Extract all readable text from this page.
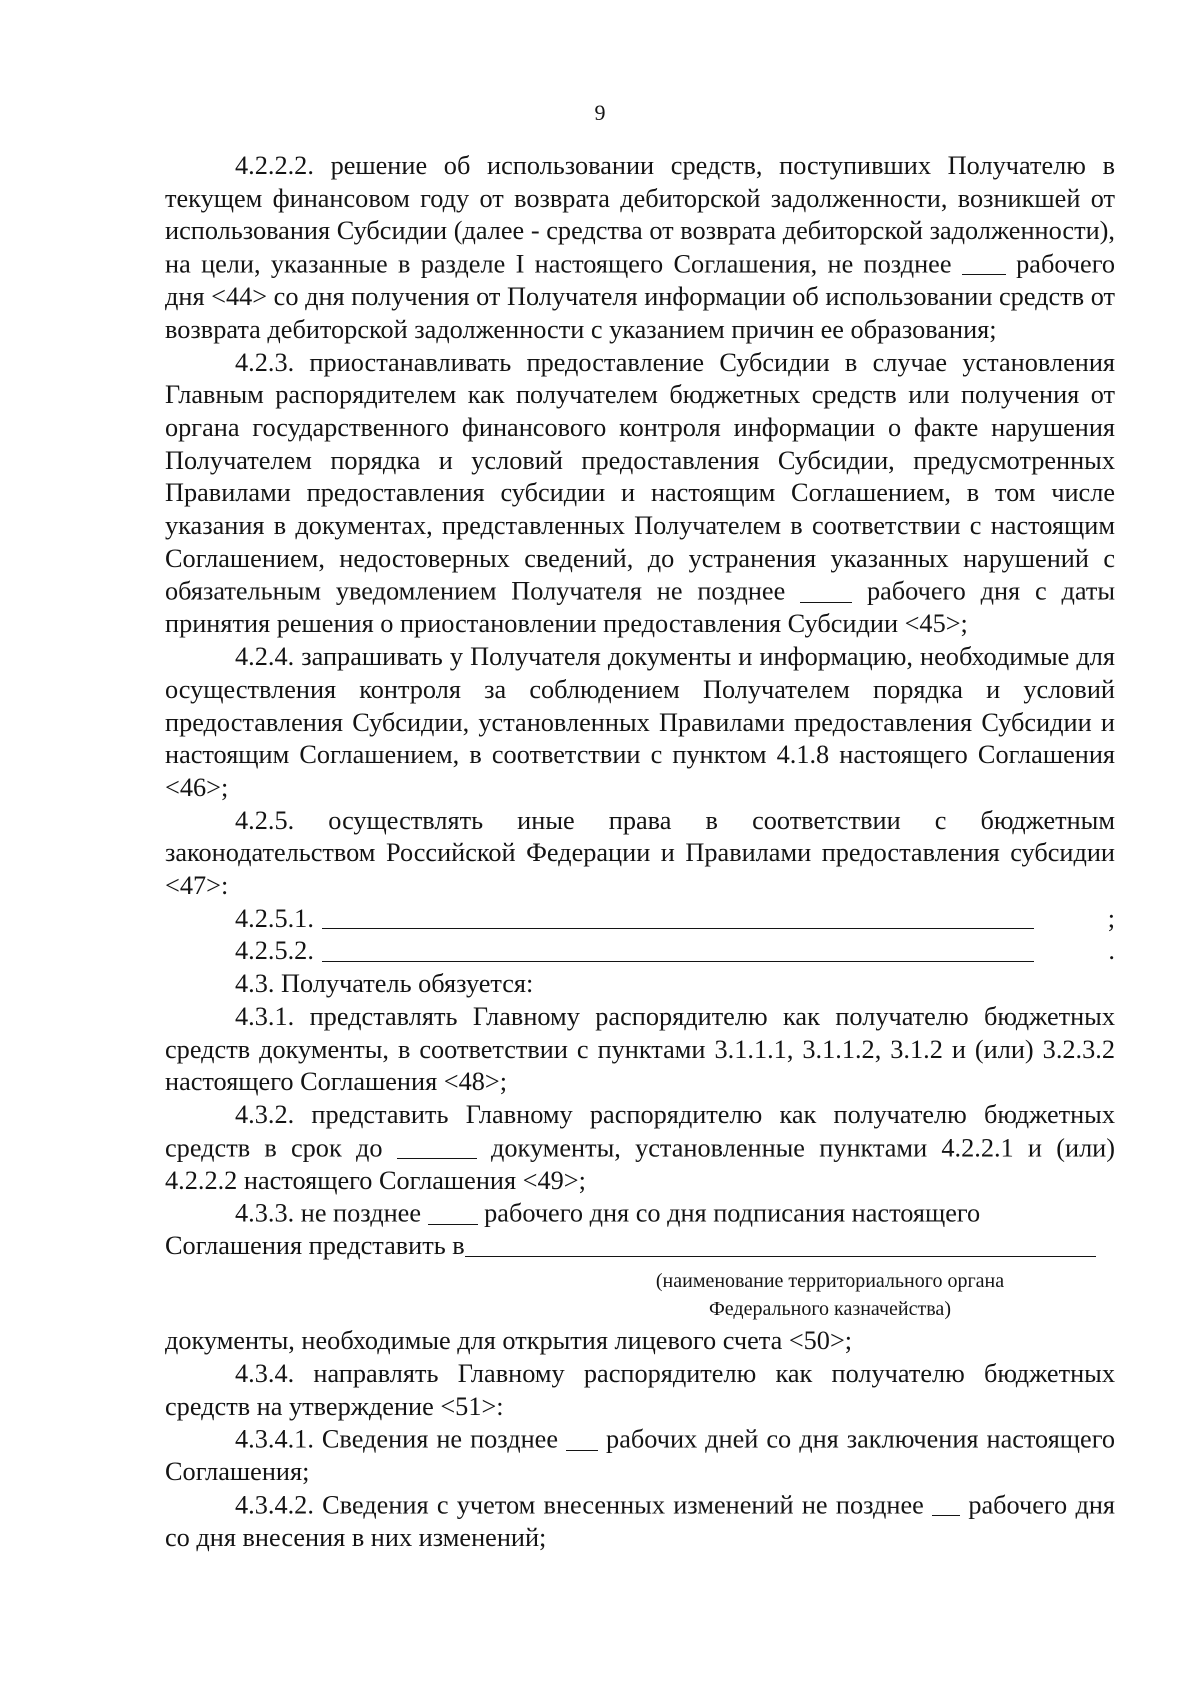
9

4.2.2.2. решение об использовании средств, поступивших Получателю в текущем финансовом году от возврата дебиторской задолженности, возникшей от использования Субсидии (далее - средства от возврата дебиторской задолженности), на цели, указанные в разделе I настоящего Соглашения, не позднее рабочего дня <44> со дня получения от Получателя информации об использовании средств от возврата дебиторской задолженности с указанием причин ее образования;

4.2.3. приостанавливать предоставление Субсидии в случае установления Главным распорядителем как получателем бюджетных средств или получения от органа государственного финансового контроля информации о факте нарушения Получателем порядка и условий предоставления Субсидии, предусмотренных Правилами предоставления субсидии и настоящим Соглашением, в том числе указания в документах, представленных Получателем в соответствии с настоящим Соглашением, недостоверных сведений, до устранения указанных нарушений с обязательным уведомлением Получателя не позднее	рабочего дня с даты принятия решения о приостановлении предоставления Субсидии <45>;

4.2.4. запрашивать у Получателя документы и информацию, необходимые для осуществления контроля за соблюдением Получателем порядка и условий предоставления Субсидии, установленных Правилами предоставления Субсидии и настоящим Соглашением, в соответствии с пунктом 4.1.8 настоящего Соглашения <46>;

4.2.5. осуществлять иные права в соответствии с бюджетным законодательством Российской Федерации и Правилами предоставления субсидии <47>:

4.2.5.1.	;
4.2.5.2.	.

4.3. Получатель обязуется:

4.3.1. представлять Главному распорядителю как получателю бюджетных средств документы, в соответствии с пунктами 3.1.1.1, 3.1.1.2, 3.1.2 и (или) 3.2.3.2 настоящего Соглашения <48>;

4.3.2. представить Главному распорядителю как получателю бюджетных средств в срок до	документы, установленные пунктами 4.2.2.1 и (или) 4.2.2.2 настоящего Соглашения <49>;

4.3.3. не позднее рабочего дня со дня подписания настоящего

Соглашения представить в
(наименование территориального органа
Федерального казначейства)

документы, необходимые для открытия лицевого счета <50>;

4.3.4. направлять Главному распорядителю как получателю бюджетных средств на утверждение <51>:

4.3.4.1. Сведения не позднее рабочих дней со дня заключения настоящего Соглашения;

4.3.4.2. Сведения с учетом внесенных изменений не позднее рабочего дня со дня внесения в них изменений;
